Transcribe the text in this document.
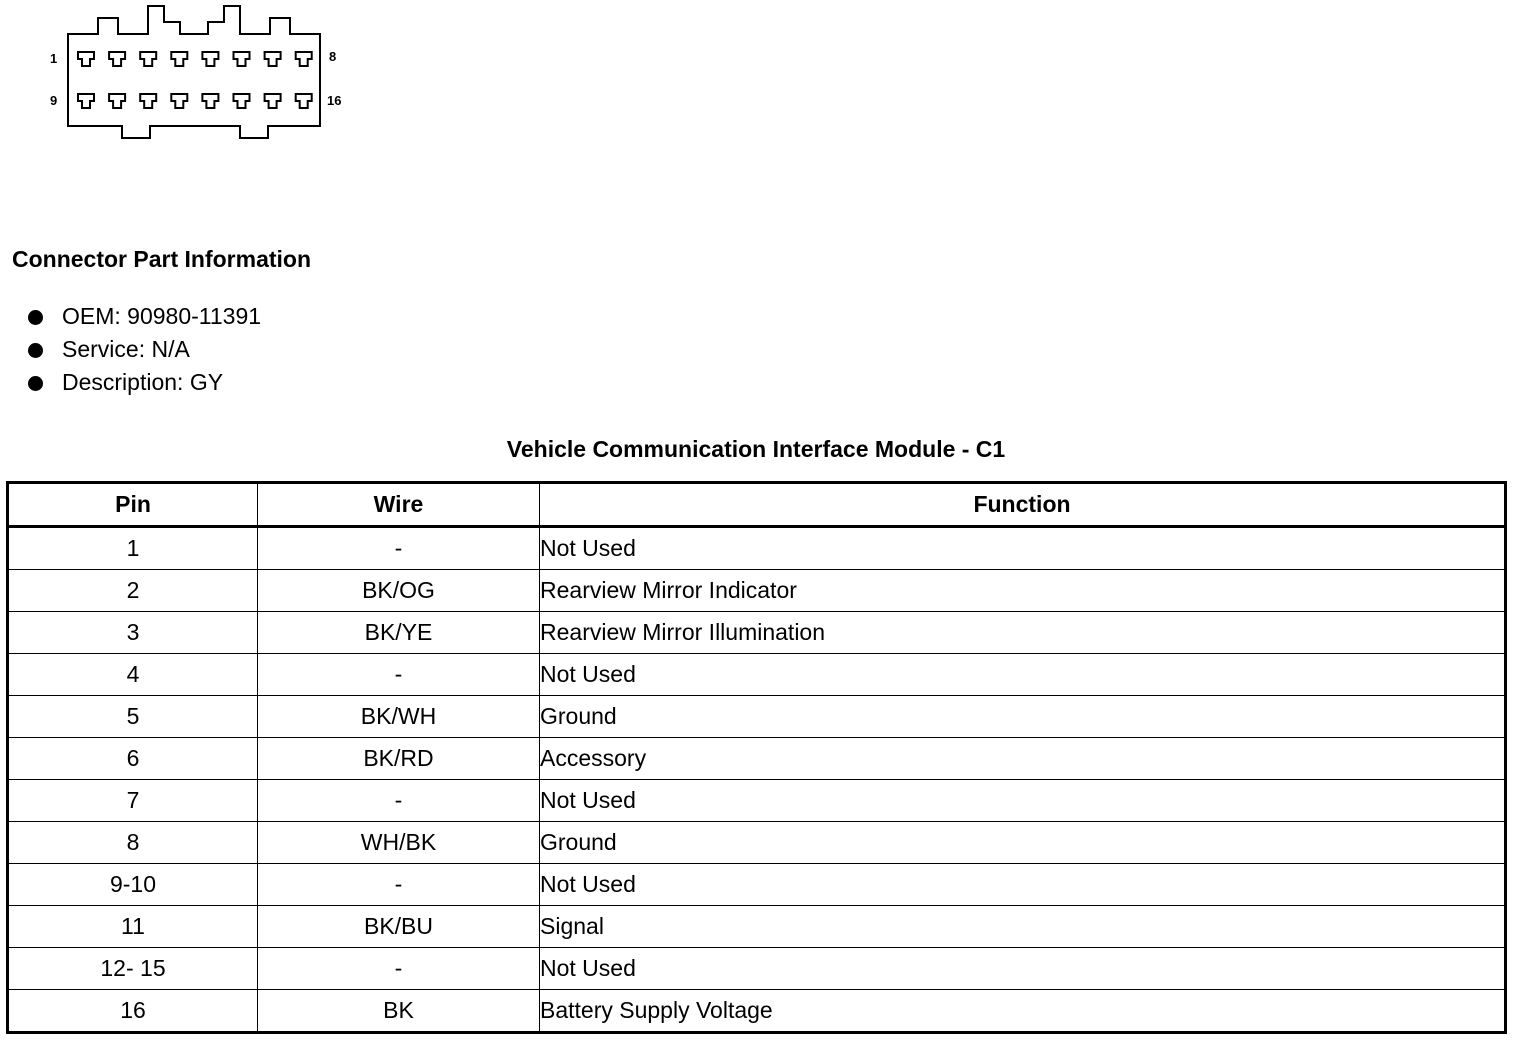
1	8
9	16
Connector Part Information
OEM: 90980-11391
Service: N/A
Description: GY
Vehicle Communication Interface Module - C1
Pin	Wire	Function
1	-	Not Used
2	BK/OG	Rearview Mirror Indicator
3	BK/YE	Rearview Mirror Illumination
4	-	Not Used
5	BK/WH	Ground
6	BK/RD	Accessory
7	-	Not Used
8	WH/BK	Ground
9-10	-	Not Used
11	BK/BU	Signal
12- 15	-	Not Used
16	BK	Battery Supply Voltage
